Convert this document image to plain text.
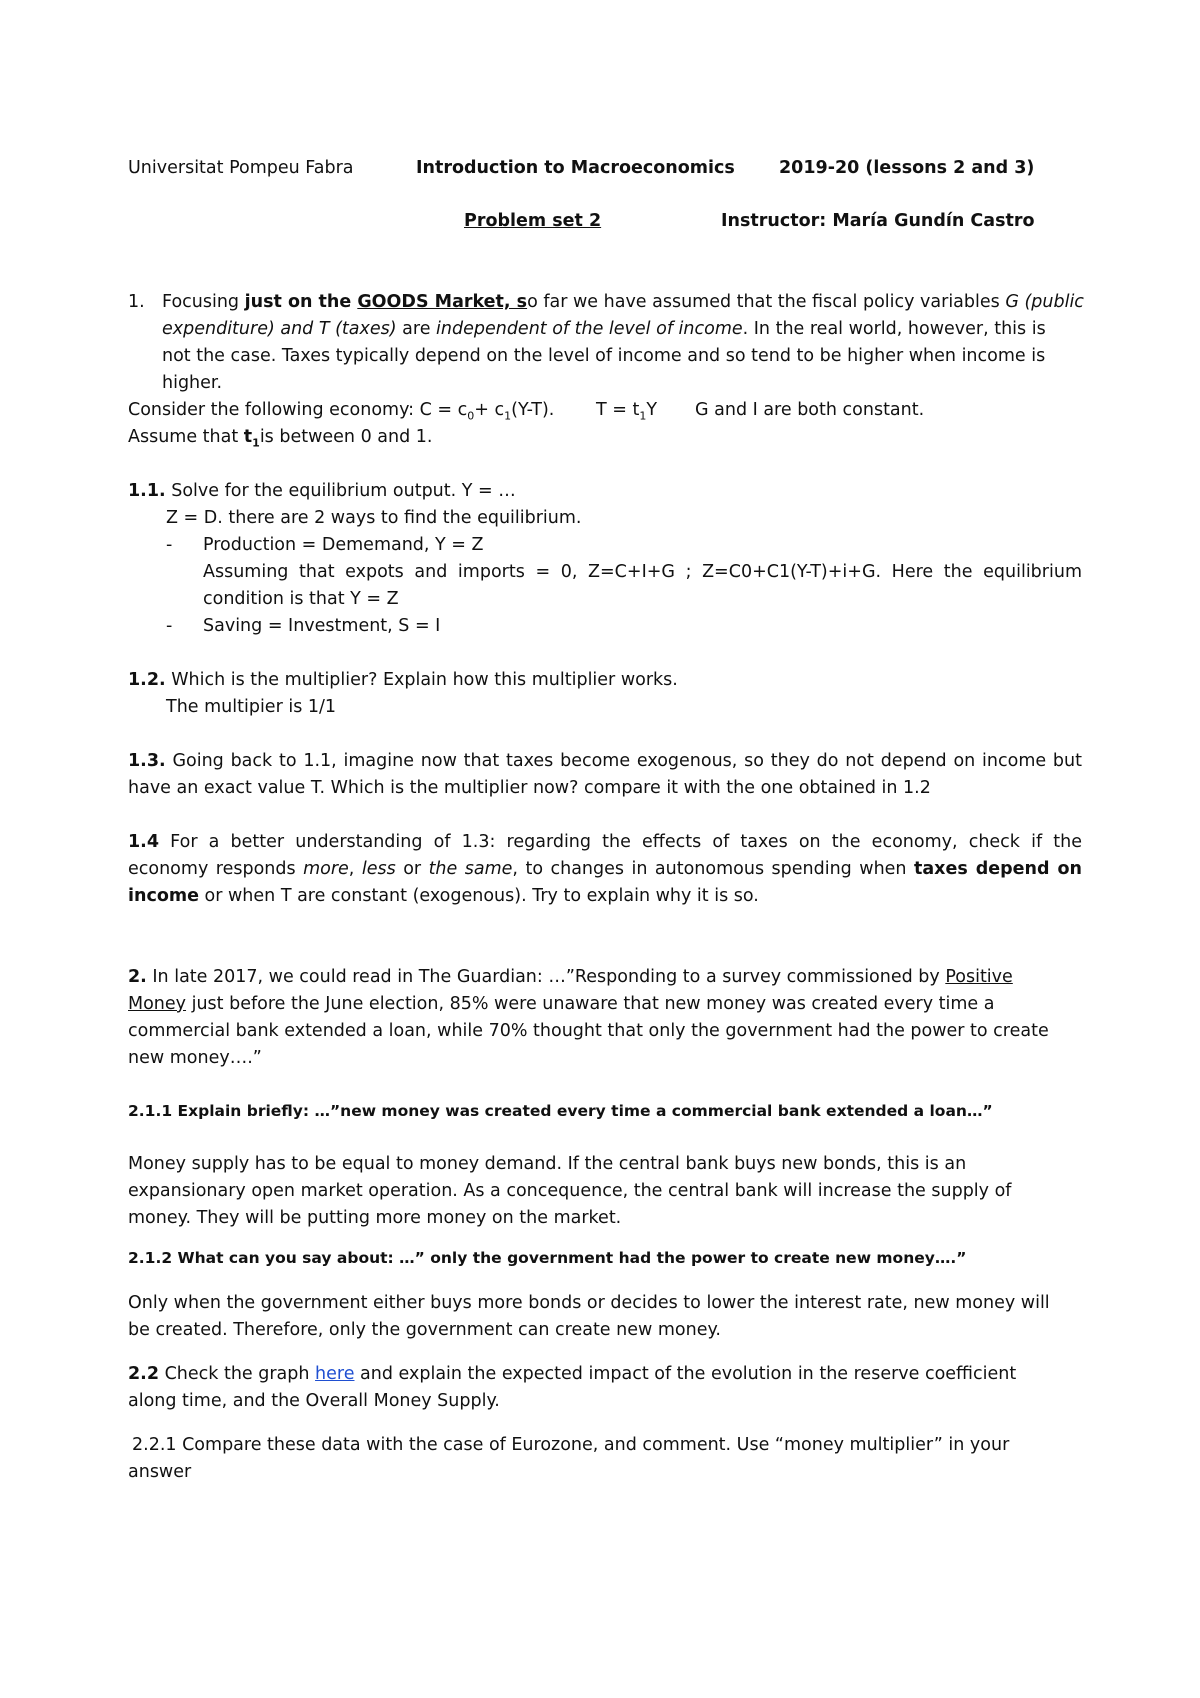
Universitat Pompeu Fabra	Introduction to Macroeconomics	2019-20 (lessons 2 and 3)
Problem set 2	Instructor: María Gundín Castro
1. Focusing just on the GOODS Market, so far we have assumed that the fiscal policy variables G (public
expenditure) and T (taxes) are independent of the level of income. In the real world, however, this is
not the case. Taxes typically depend on the level of income and so tend to be higher when income is
higher.
Consider the following economy: $C = c_0+ c_1(Y-T)$. $T = t_1Y$ G and I are both constant.
Assume that $t_1is$ between 0 and 1.
1.1. Solve for the equilibrium output. Y = …
Z = D. there are 2 ways to find the equilibrium.
- Production = Dememand, Y = Z
Assuming that expots and imports = 0, Z=C+I+G ; Z=C0+C1(Y-T)+i+G. Here the equilibrium
condition is that Y = Z
- Saving = Investment, S = I
1.2. Which is the multiplier? Explain how this multiplier works.
The multipier is 1/1
1.3. Going back to 1.1, imagine now that taxes become exogenous, so they do not depend on income but
have an exact value T. Which is the multiplier now? compare it with the one obtained in 1.2
1.4 For a better understanding of 1.3: regarding the effects of taxes on the economy, check if the
economy responds more, less or the same, to changes in autonomous spending when taxes depend on
income or when T are constant (exogenous). Try to explain why it is so.
2. In late 2017, we could read in The Guardian: …”Responding to a survey commissioned by Positive
Money just before the June election, 85% were unaware that new money was created every time a
commercial bank extended a loan, while 70% thought that only the government had the power to create
new money….”
2.1.1 Explain briefly: …”new money was created every time a commercial bank extended a loan…”
Money supply has to be equal to money demand. If the central bank buys new bonds, this is an
expansionary open market operation. As a concequence, the central bank will increase the supply of
money. They will be putting more money on the market.
2.1.2 What can you say about: …” only the government had the power to create new money….”
Only when the government either buys more bonds or decides to lower the interest rate, new money will
be created. Therefore, only the government can create new money.
2.2 Check the graph here and explain the expected impact of the evolution in the reserve coefficient
along time, and the Overall Money Supply.
2.2.1 Compare these data with the case of Eurozone, and comment. Use “money multiplier” in your
answer
